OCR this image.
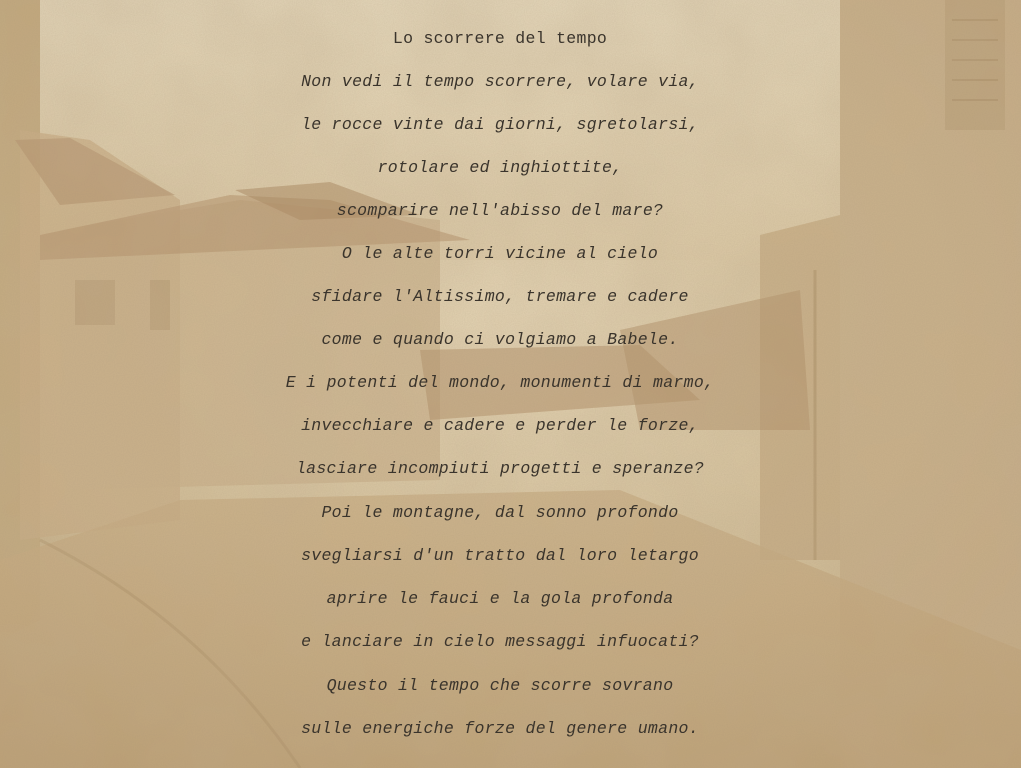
Lo scorrere del tempo
Non vedi il tempo scorrere, volare via,
le rocce vinte dai giorni, sgretolarsi,
rotolare ed inghiottite,
scomparire nell'abisso del mare?
O le alte torri vicine al cielo
sfidare l'Altissimo, tremare e cadere
come e quando ci volgiamo a Babele.
E i potenti del mondo, monumenti di marmo,
invecchiare e cadere e perder le forze,
lasciare incompiuti progetti e speranze?
Poi le montagne, dal sonno profondo
svegliarsi d'un tratto dal loro letargo
aprire le fauci e la gola profonda
e lanciare in cielo messaggi infuocati?
Questo il tempo che scorre sovrano
sulle energiche forze del genere umano.
